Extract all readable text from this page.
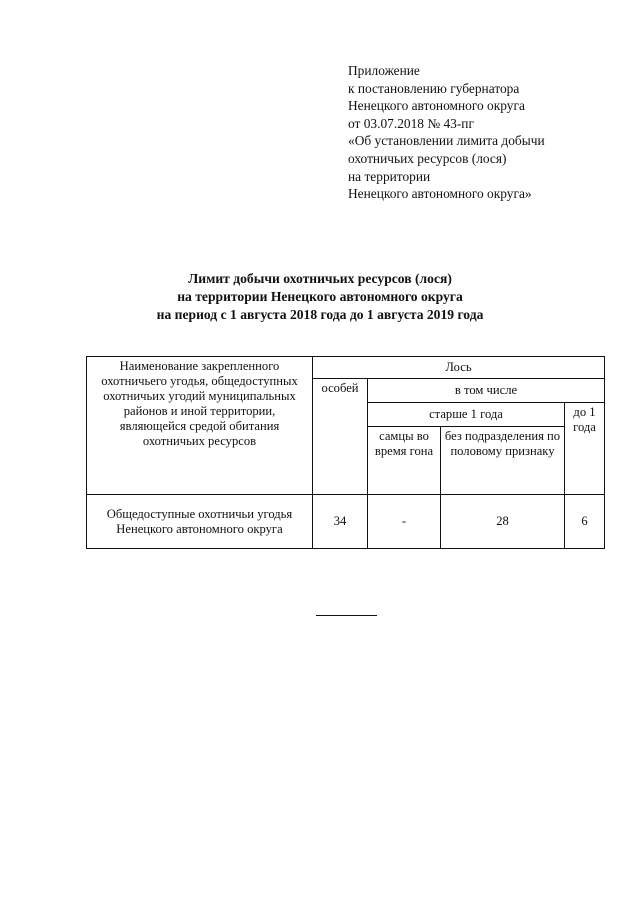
Приложение
к постановлению губернатора
Ненецкого автономного округа
от 03.07.2018 № 43-пг
«Об установлении лимита добычи
охотничьих ресурсов (лося)
на территории
Ненецкого автономного округа»
Лимит добычи охотничьих ресурсов (лося)
на территории Ненецкого автономного округа
на период с 1 августа 2018 года до 1 августа 2019 года
Наименование закрепленного охотничьего угодья, общедоступных охотничьих угодий муниципальных районов и иной территории, являющейся средой обитания охотничьих ресурсов	Лось			
	особей	в том числе		
		старше 1 года		до 1 года
		самцы во время гона	без подразделения по половому признаку	
Общедоступные охотничьи угодья Ненецкого автономного округа	34	-	28	6
